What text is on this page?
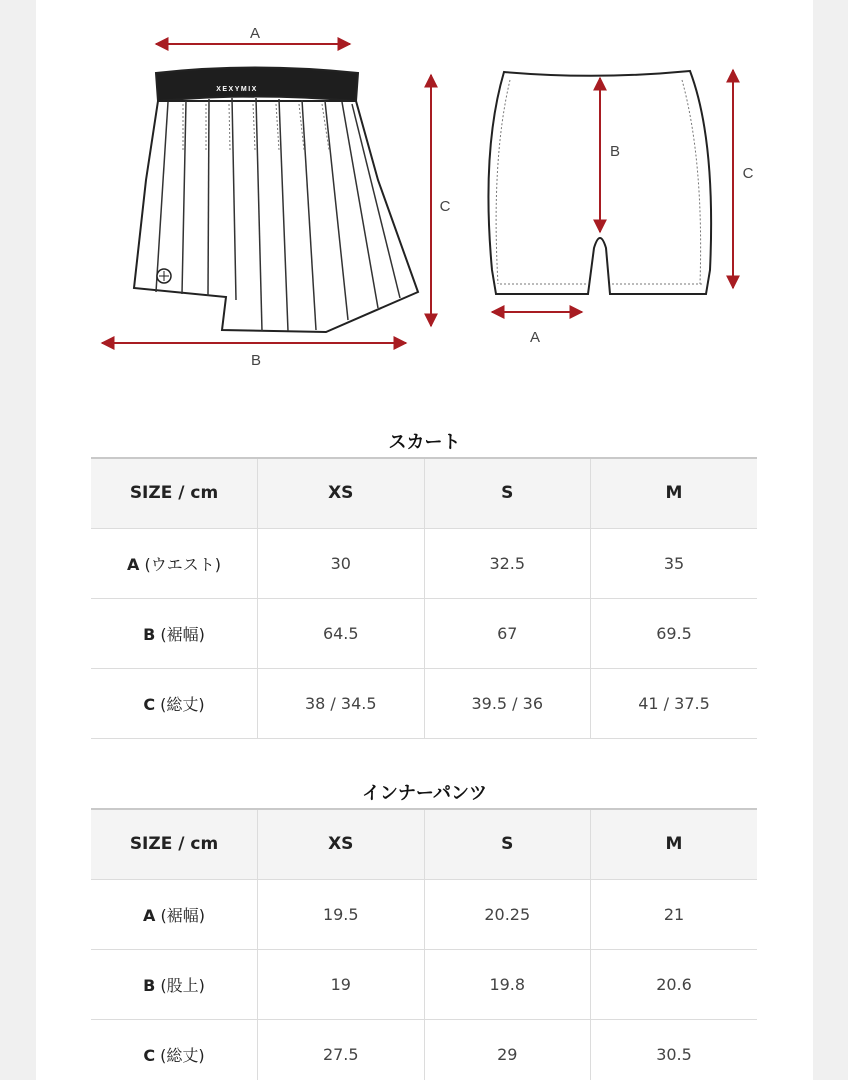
XEXYMIX
A
B
C
A
B
C
スカート
SIZE / cm	XS	S	M
A (ウエスト)	30	32.5	35
B (裾幅)	64.5	67	69.5
C (総丈)	38 / 34.5	39.5 / 36	41 / 37.5
インナーパンツ
SIZE / cm	XS	S	M
A (裾幅)	19.5	20.25	21
B (股上)	19	19.8	20.6
C (総丈)	27.5	29	30.5
